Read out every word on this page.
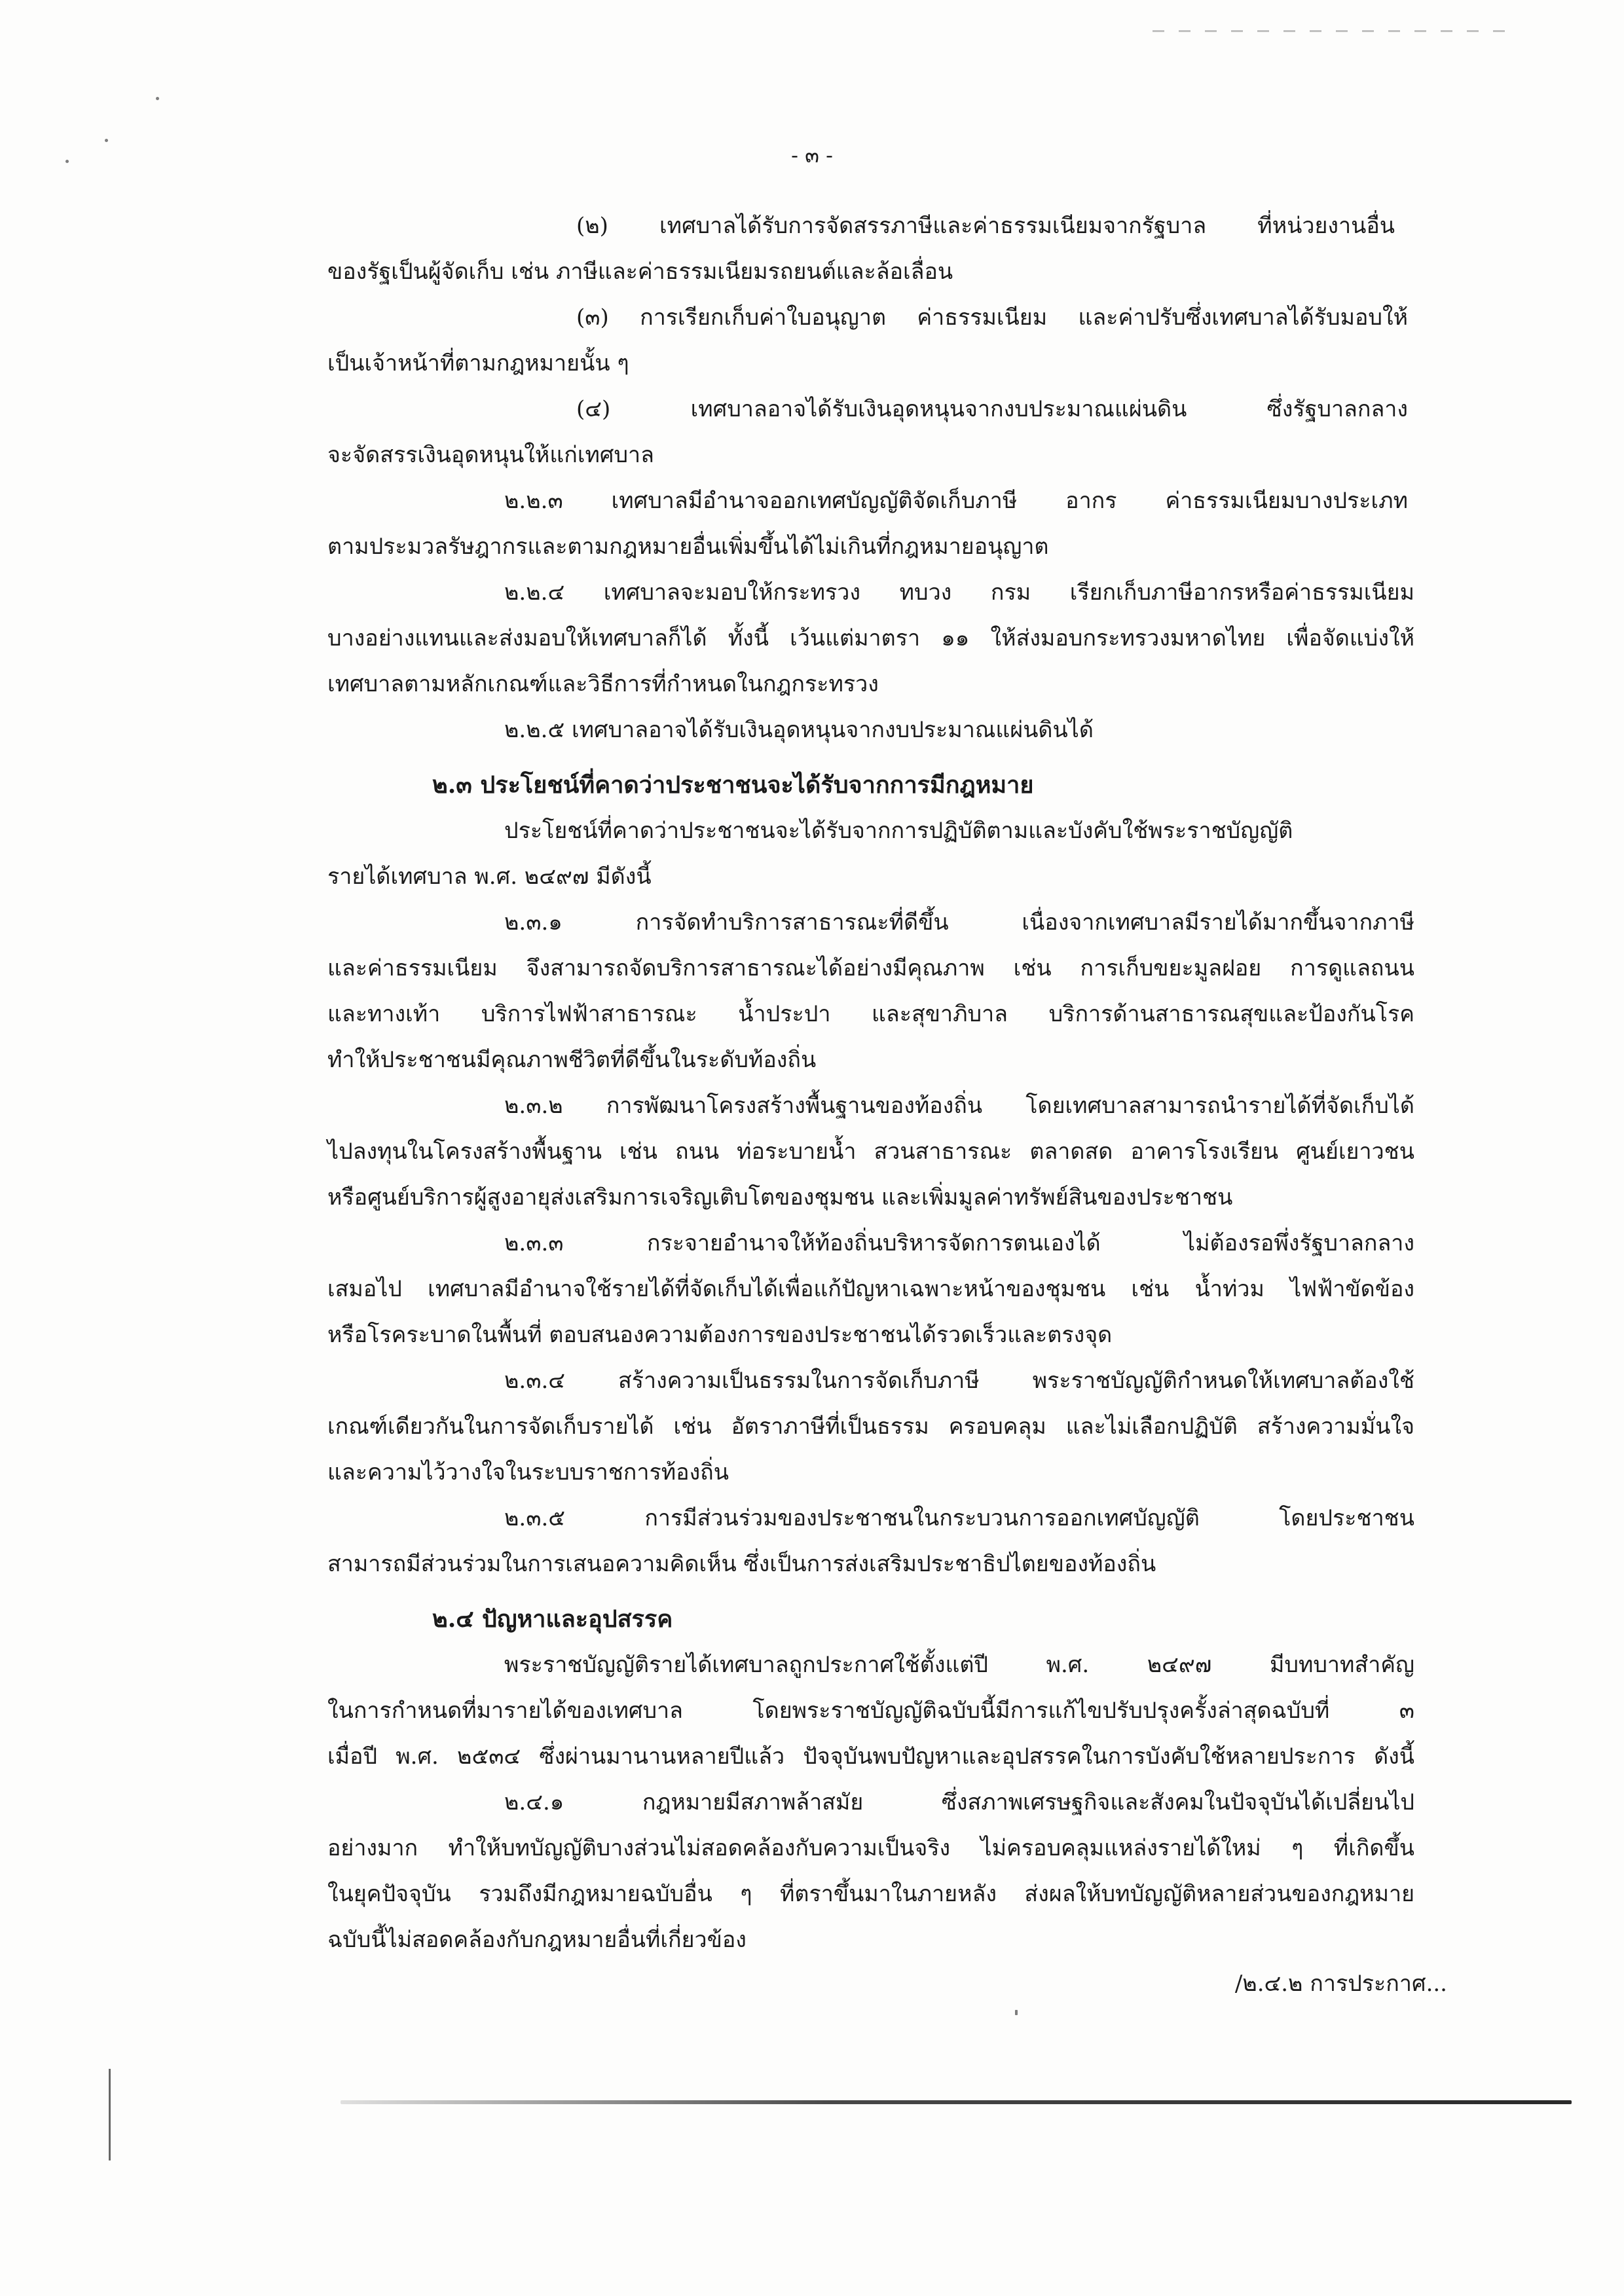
- ๓ -
(๒) เทศบาลได้รับการจัดสรรภาษีและค่าธรรมเนียมจากรัฐบาล ที่หน่วยงานอื่น
ของรัฐเป็นผู้จัดเก็บ เช่น ภาษีและค่าธรรมเนียมรถยนต์และล้อเลื่อน
(๓) การเรียกเก็บค่าใบอนุญาต ค่าธรรมเนียม และค่าปรับซึ่งเทศบาลได้รับมอบให้
เป็นเจ้าหน้าที่ตามกฎหมายนั้น ๆ
(๔) เทศบาลอาจได้รับเงินอุดหนุนจากงบประมาณแผ่นดิน ซึ่งรัฐบาลกลาง
จะจัดสรรเงินอุดหนุนให้แก่เทศบาล
๒.๒.๓ เทศบาลมีอำนาจออกเทศบัญญัติจัดเก็บภาษี อากร ค่าธรรมเนียมบางประเภท
ตามประมวลรัษฎากรและตามกฎหมายอื่นเพิ่มขึ้นได้ไม่เกินที่กฎหมายอนุญาต
๒.๒.๔ เทศบาลจะมอบให้กระทรวง ทบวง กรม เรียกเก็บภาษีอากรหรือค่าธรรมเนียม
บางอย่างแทนและส่งมอบให้เทศบาลก็ได้ ทั้งนี้ เว้นแต่มาตรา ๑๑ ให้ส่งมอบกระทรวงมหาดไทย เพื่อจัดแบ่งให้
เทศบาลตามหลักเกณฑ์และวิธีการที่กำหนดในกฎกระทรวง
๒.๒.๕ เทศบาลอาจได้รับเงินอุดหนุนจากงบประมาณแผ่นดินได้
๒.๓ ประโยชน์ที่คาดว่าประชาชนจะได้รับจากการมีกฎหมาย
ประโยชน์ที่คาดว่าประชาชนจะได้รับจากการปฏิบัติตามและบังคับใช้พระราชบัญญัติ
รายได้เทศบาล พ.ศ. ๒๔๙๗ มีดังนี้
๒.๓.๑ การจัดทำบริการสาธารณะที่ดีขึ้น เนื่องจากเทศบาลมีรายได้มากขึ้นจากภาษี
และค่าธรรมเนียม จึงสามารถจัดบริการสาธารณะได้อย่างมีคุณภาพ เช่น การเก็บขยะมูลฝอย การดูแลถนน
และทางเท้า บริการไฟฟ้าสาธารณะ น้ำประปา และสุขาภิบาล บริการด้านสาธารณสุขและป้องกันโรค
ทำให้ประชาชนมีคุณภาพชีวิตที่ดีขึ้นในระดับท้องถิ่น
๒.๓.๒ การพัฒนาโครงสร้างพื้นฐานของท้องถิ่น โดยเทศบาลสามารถนำรายได้ที่จัดเก็บได้
ไปลงทุนในโครงสร้างพื้นฐาน เช่น ถนน ท่อระบายน้ำ สวนสาธารณะ ตลาดสด อาคารโรงเรียน ศูนย์เยาวชน
หรือศูนย์บริการผู้สูงอายุส่งเสริมการเจริญเติบโตของชุมชน และเพิ่มมูลค่าทรัพย์สินของประชาชน
๒.๓.๓ กระจายอำนาจให้ท้องถิ่นบริหารจัดการตนเองได้ ไม่ต้องรอพึ่งรัฐบาลกลาง
เสมอไป เทศบาลมีอำนาจใช้รายได้ที่จัดเก็บได้เพื่อแก้ปัญหาเฉพาะหน้าของชุมชน เช่น น้ำท่วม ไฟฟ้าขัดข้อง
หรือโรคระบาดในพื้นที่ ตอบสนองความต้องการของประชาชนได้รวดเร็วและตรงจุด
๒.๓.๔ สร้างความเป็นธรรมในการจัดเก็บภาษี พระราชบัญญัติกำหนดให้เทศบาลต้องใช้
เกณฑ์เดียวกันในการจัดเก็บรายได้ เช่น อัตราภาษีที่เป็นธรรม ครอบคลุม และไม่เลือกปฏิบัติ สร้างความมั่นใจ
และความไว้วางใจในระบบราชการท้องถิ่น
๒.๓.๕ การมีส่วนร่วมของประชาชนในกระบวนการออกเทศบัญญัติ โดยประชาชน
สามารถมีส่วนร่วมในการเสนอความคิดเห็น ซึ่งเป็นการส่งเสริมประชาธิปไตยของท้องถิ่น
๒.๔ ปัญหาและอุปสรรค
พระราชบัญญัติรายได้เทศบาลถูกประกาศใช้ตั้งแต่ปี พ.ศ. ๒๔๙๗ มีบทบาทสำคัญ
ในการกำหนดที่มารายได้ของเทศบาล โดยพระราชบัญญัติฉบับนี้มีการแก้ไขปรับปรุงครั้งล่าสุดฉบับที่ ๓
เมื่อปี พ.ศ. ๒๕๓๔ ซึ่งผ่านมานานหลายปีแล้ว ปัจจุบันพบปัญหาและอุปสรรคในการบังคับใช้หลายประการ ดังนี้
๒.๔.๑ กฎหมายมีสภาพล้าสมัย ซึ่งสภาพเศรษฐกิจและสังคมในปัจจุบันได้เปลี่ยนไป
อย่างมาก ทำให้บทบัญญัติบางส่วนไม่สอดคล้องกับความเป็นจริง ไม่ครอบคลุมแหล่งรายได้ใหม่ ๆ ที่เกิดขึ้น
ในยุคปัจจุบัน รวมถึงมีกฎหมายฉบับอื่น ๆ ที่ตราขึ้นมาในภายหลัง ส่งผลให้บทบัญญัติหลายส่วนของกฎหมาย
ฉบับนี้ไม่สอดคล้องกับกฎหมายอื่นที่เกี่ยวข้อง
/๒.๔.๒ การประกาศ...
